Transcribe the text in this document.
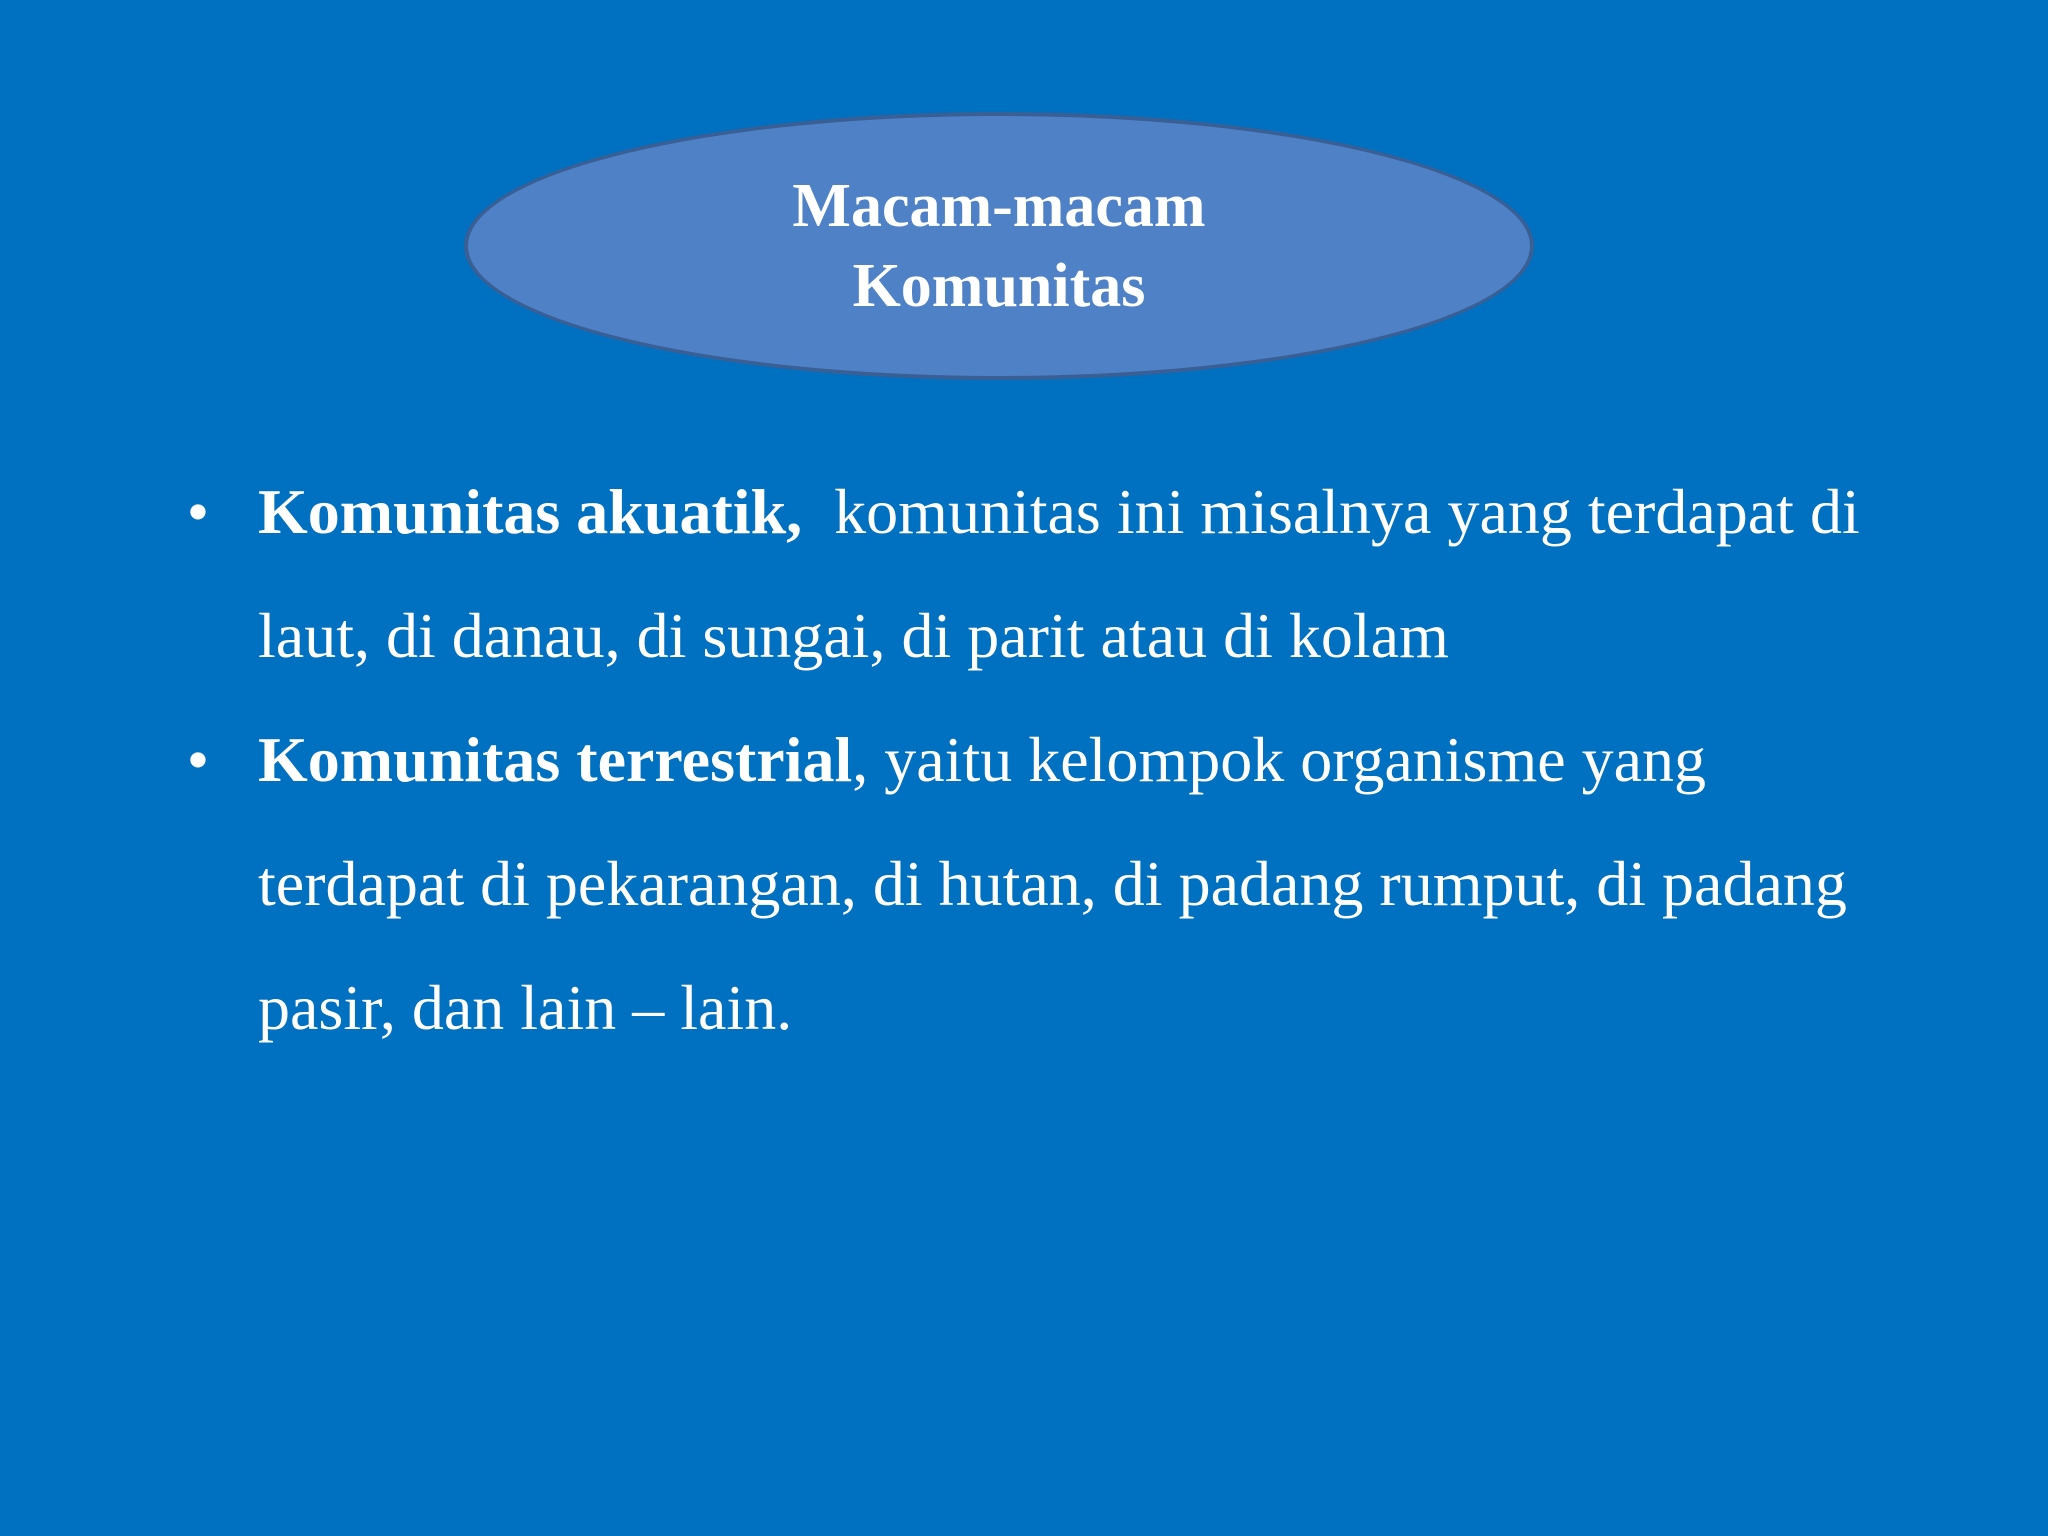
Macam-macam
Komunitas
• Komunitas akuatik,  komunitas ini misalnya yang terdapat di laut, di danau, di sungai, di parit atau di kolam
• Komunitas terrestrial, yaitu kelompok organisme yang terdapat di pekarangan, di hutan, di padang rumput, di padang pasir, dan lain – lain.
